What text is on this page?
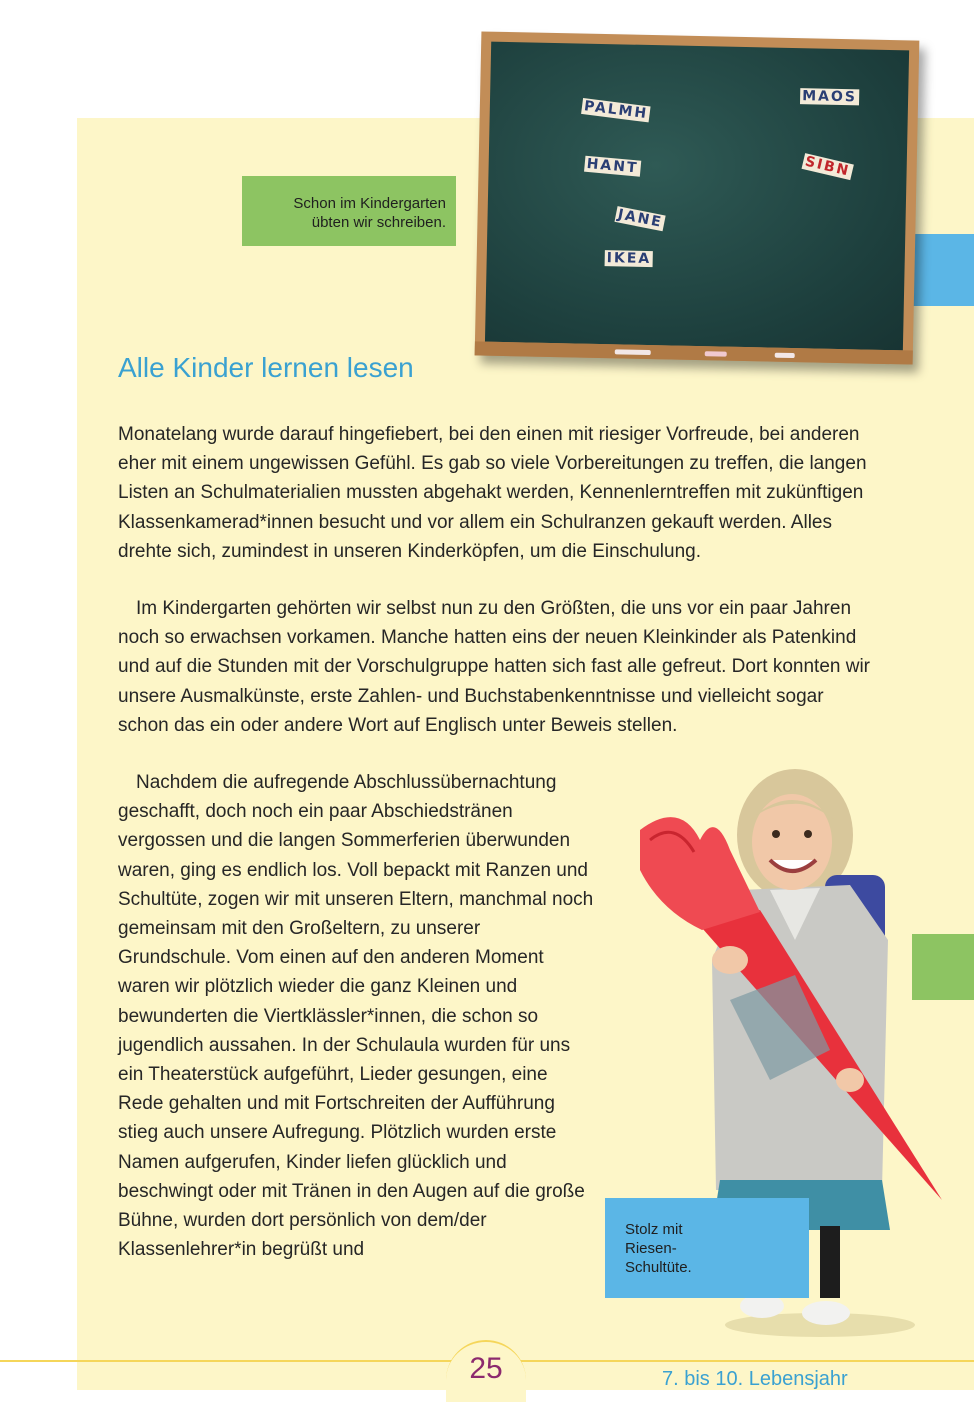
PALMH
HANT
JANE
IKEA
MAOS
SIBN
Schon im Kindergarten übten wir schreiben.
Alle Kinder lernen lesen

Monatelang wurde darauf hingefiebert, bei den einen mit riesiger Vorfreude, bei anderen eher mit einem ungewissen Gefühl. Es gab so viele Vorbereitungen zu treffen, die langen Listen an Schulmaterialien mussten abgehakt werden, Kennenlerntreffen mit zukünftigen Klassenkamerad*innen besucht und vor allem ein Schulranzen gekauft werden. Alles drehte sich, zumindest in unseren Kinderköpfen, um die Einschulung.

Im Kindergarten gehörten wir selbst nun zu den Größten, die uns vor ein paar Jahren noch so erwachsen vorkamen. Manche hatten eins der neuen Kleinkinder als Patenkind und auf die Stunden mit der Vorschulgruppe hatten sich fast alle gefreut. Dort konnten wir unsere Ausmalkünste, erste Zahlen- und Buchstabenkenntnisse und vielleicht sogar schon das ein oder andere Wort auf Englisch unter Beweis stellen.

Nachdem die aufregende Abschlussübernachtung geschafft, doch noch ein paar Abschiedstränen vergossen und die langen Sommerferien überwunden waren, ging es endlich los. Voll bepackt mit Ranzen und Schultüte, zogen wir mit unseren Eltern, manchmal noch gemeinsam mit den Großeltern, zu unserer Grundschule. Vom einen auf den anderen Moment waren wir plötzlich wieder die ganz Kleinen und bewunderten die Viertklässler*innen, die schon so jugendlich aussahen. In der Schulaula wurden für uns ein Theaterstück aufgeführt, Lieder gesungen, eine Rede gehalten und mit Fortschreiten der Aufführung stieg auch unsere Aufregung. Plötzlich wurden erste Namen aufgerufen, Kinder liefen glücklich und beschwingt oder mit Tränen in den Augen auf die große Bühne, wurden dort persönlich von dem/der Klassenlehrer*in begrüßt und

Stolz mit Riesen-Schultüte.
25	7. bis 10. Lebensjahr
